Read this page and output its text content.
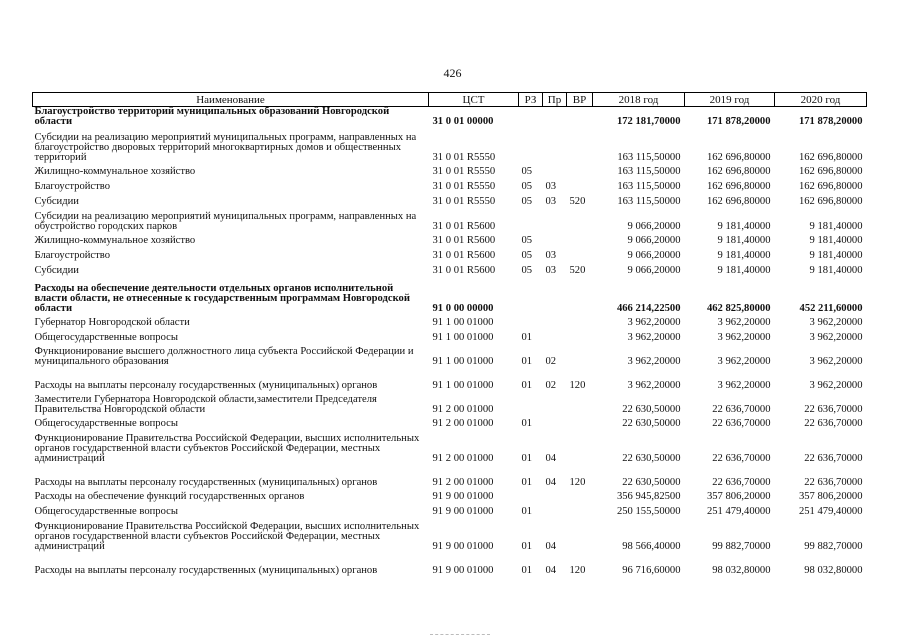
426
Наименование	ЦСТ	РЗ	Пр	ВР	2018 год	2019 год	2020 год
Благоустройство территорий муниципальных образований Новгородской области	31 0 01 00000				172 181,70000	171 878,20000	171 878,20000
Субсидии на реализацию мероприятий муниципальных программ, направленных на благоустройство дворовых территорий многоквартирных домов и общественных территорий	31 0 01 R5550				163 115,50000	162 696,80000	162 696,80000
Жилищно-коммунальное хозяйство	31 0 01 R5550	05			163 115,50000	162 696,80000	162 696,80000
Благоустройство	31 0 01 R5550	05	03		163 115,50000	162 696,80000	162 696,80000
Субсидии	31 0 01 R5550	05	03	520	163 115,50000	162 696,80000	162 696,80000
Субсидии на реализацию мероприятий муниципальных программ, направленных на обустройство городских парков	31 0 01 R5600				9 066,20000	9 181,40000	9 181,40000
Жилищно-коммунальное хозяйство	31 0 01 R5600	05			9 066,20000	9 181,40000	9 181,40000
Благоустройство	31 0 01 R5600	05	03		9 066,20000	9 181,40000	9 181,40000
Субсидии	31 0 01 R5600	05	03	520	9 066,20000	9 181,40000	9 181,40000
Расходы на обеспечение деятельности отдельных органов исполнительной власти области, не отнесенные к государственным программам Новгородской области	91 0 00 00000				466 214,22500	462 825,80000	452 211,60000
Губернатор Новгородской области	91 1 00 01000				3 962,20000	3 962,20000	3 962,20000
Общегосударственные вопросы	91 1 00 01000	01			3 962,20000	3 962,20000	3 962,20000
Функционирование высшего должностного лица субъекта Российской Федерации и муниципального образования	91 1 00 01000	01	02		3 962,20000	3 962,20000	3 962,20000
Расходы на выплаты персоналу государственных (муниципальных) органов	91 1 00 01000	01	02	120	3 962,20000	3 962,20000	3 962,20000
Заместители Губернатора Новгородской области,заместители Председателя Правительства Новгородской области	91 2 00 01000				22 630,50000	22 636,70000	22 636,70000
Общегосударственные вопросы	91 2 00 01000	01			22 630,50000	22 636,70000	22 636,70000
Функционирование Правительства Российской Федерации, высших исполнительных органов государственной власти субъектов Российской Федерации, местных администраций	91 2 00 01000	01	04		22 630,50000	22 636,70000	22 636,70000
Расходы на выплаты персоналу государственных (муниципальных) органов	91 2 00 01000	01	04	120	22 630,50000	22 636,70000	22 636,70000
Расходы на обеспечение функций государственных органов	91 9 00 01000				356 945,82500	357 806,20000	357 806,20000
Общегосударственные вопросы	91 9 00 01000	01			250 155,50000	251 479,40000	251 479,40000
Функционирование Правительства Российской Федерации, высших исполнительных органов государственной власти субъектов Российской Федерации, местных администраций	91 9 00 01000	01	04		98 566,40000	99 882,70000	99 882,70000
Расходы на выплаты персоналу государственных (муниципальных) органов	91 9 00 01000	01	04	120	96 716,60000	98 032,80000	98 032,80000
